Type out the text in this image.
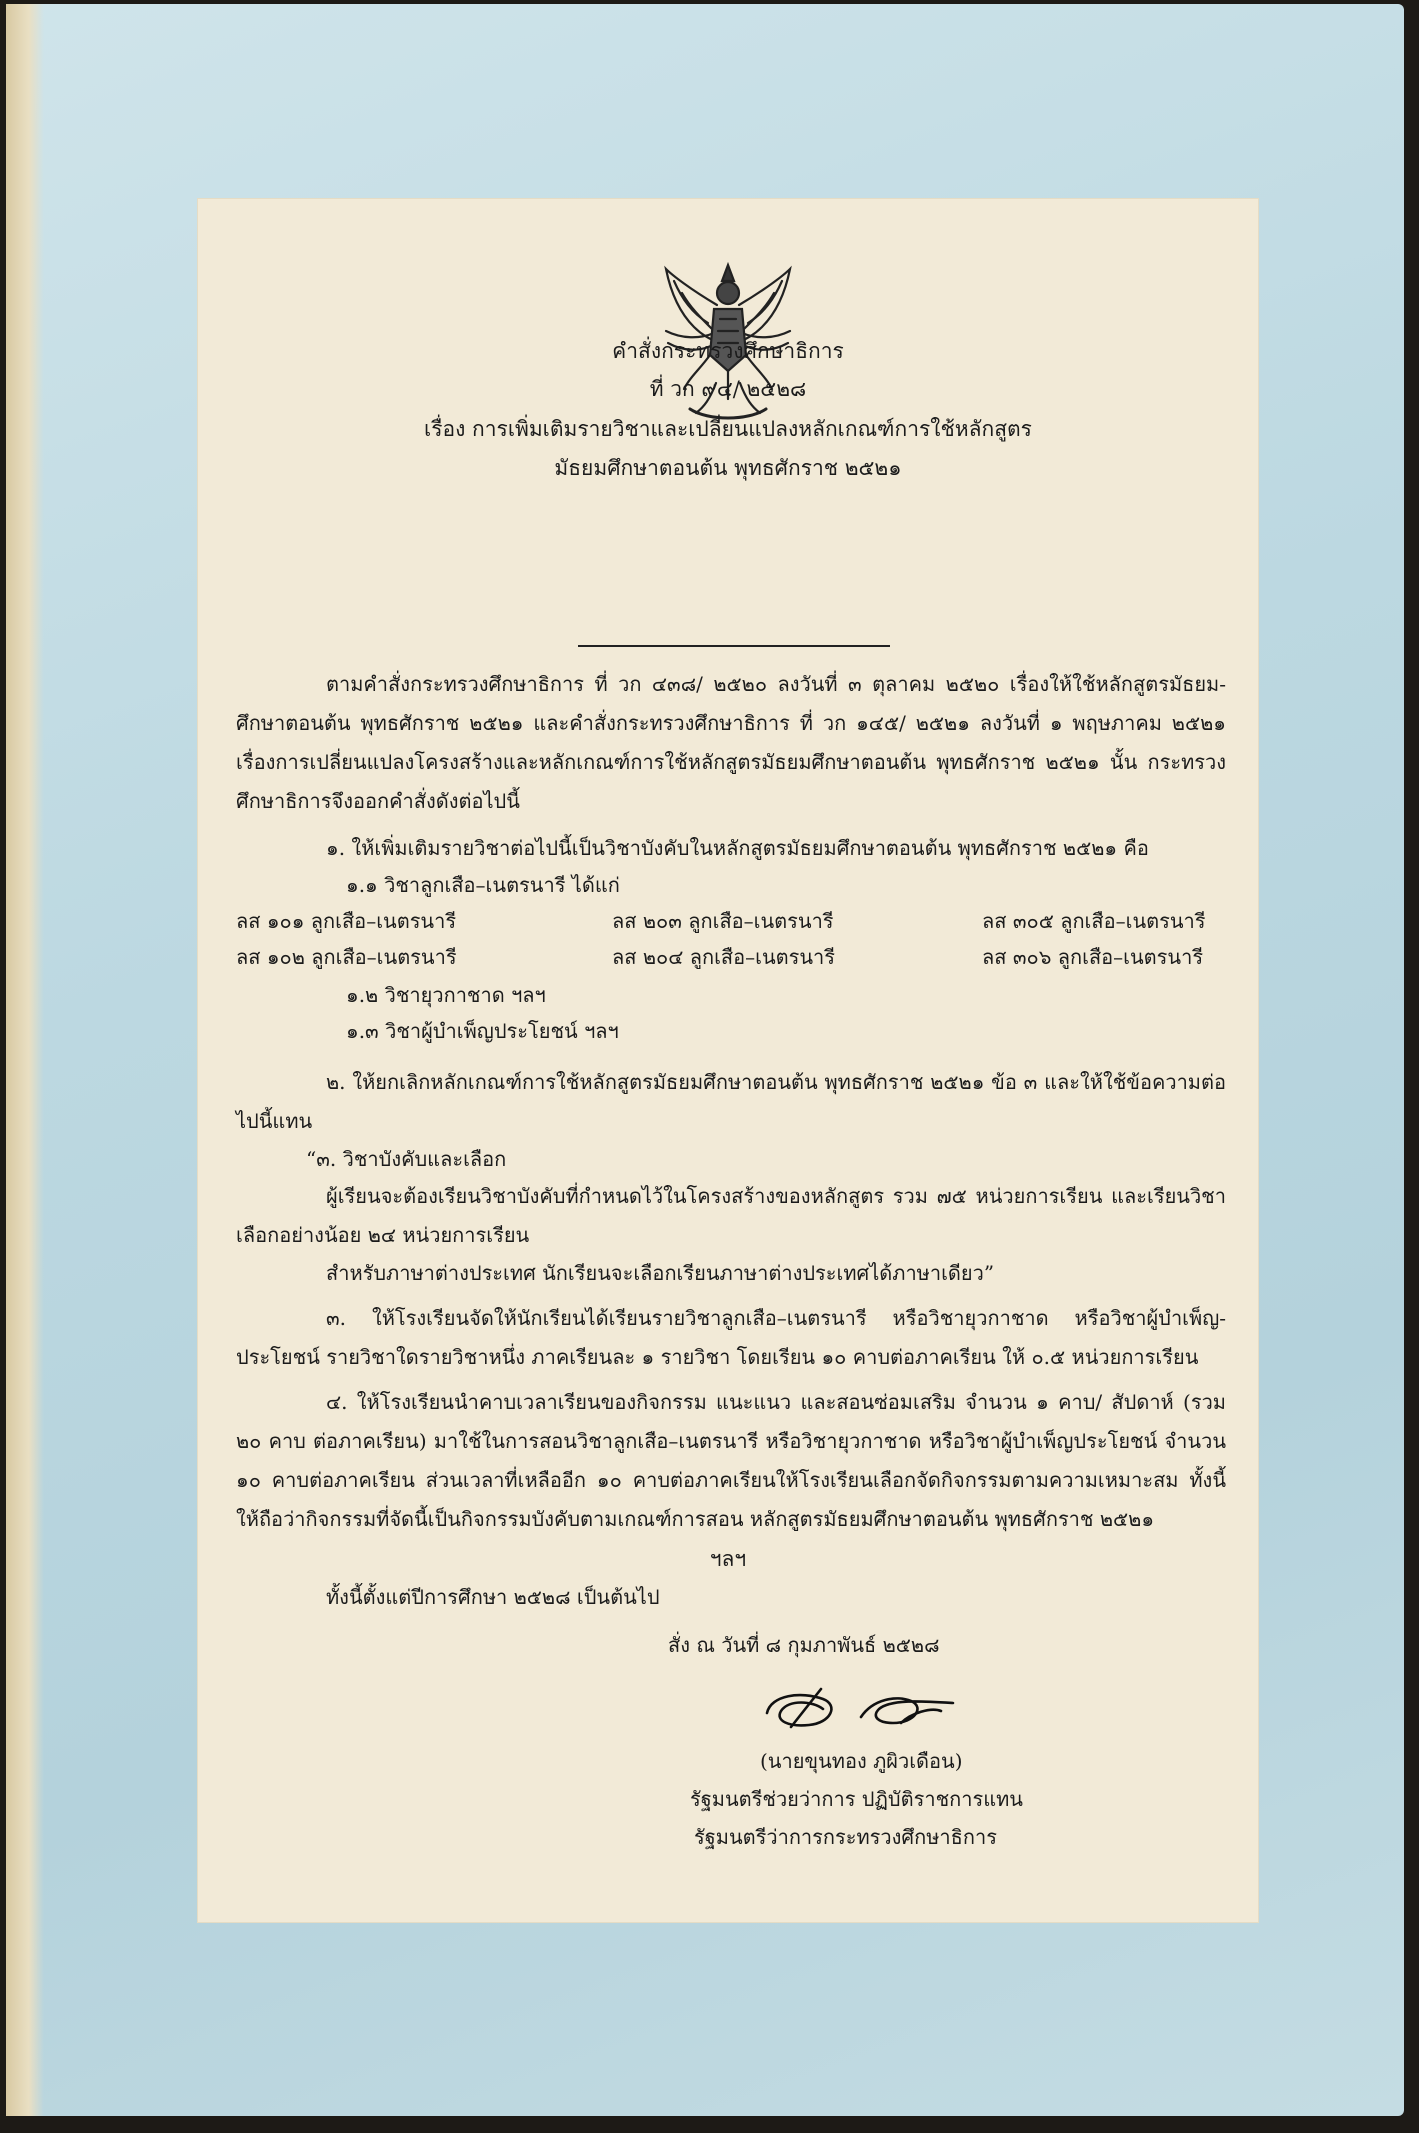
คำสั่งกระทรวงศึกษาธิการ
ที่ วก ๙๔/ ๒๕๒๘
เรื่อง การเพิ่มเติมรายวิชาและเปลี่ยนแปลงหลักเกณฑ์การใช้หลักสูตร
มัธยมศึกษาตอนต้น พุทธศักราช ๒๕๒๑
ตามคำสั่งกระทรวงศึกษาธิการ ที่ วก ๔๓๘/ ๒๕๒๐ ลงวันที่ ๓ ตุลาคม ๒๕๒๐ เรื่องให้ใช้หลักสูตรมัธยม-ศึกษาตอนต้น พุทธศักราช ๒๕๒๑ และคำสั่งกระทรวงศึกษาธิการ ที่ วก ๑๔๕/ ๒๕๒๑ ลงวันที่ ๑ พฤษภาคม ๒๕๒๑ เรื่องการเปลี่ยนแปลงโครงสร้างและหลักเกณฑ์การใช้หลักสูตรมัธยมศึกษาตอนต้น พุทธศักราช ๒๕๒๑ นั้น กระทรวงศึกษาธิการจึงออกคำสั่งดังต่อไปนี้
๑. ให้เพิ่มเติมรายวิชาต่อไปนี้เป็นวิชาบังคับในหลักสูตรมัธยมศึกษาตอนต้น พุทธศักราช ๒๕๒๑ คือ
๑.๑ วิชาลูกเสือ–เนตรนารี ได้แก่
ลส ๑๐๑ ลูกเสือ–เนตรนารี	ลส ๒๐๓ ลูกเสือ–เนตรนารี	ลส ๓๐๕ ลูกเสือ–เนตรนารี
ลส ๑๐๒ ลูกเสือ–เนตรนารี	ลส ๒๐๔ ลูกเสือ–เนตรนารี	ลส ๓๐๖ ลูกเสือ–เนตรนารี
๑.๒ วิชายุวกาชาด ฯลฯ
๑.๓ วิชาผู้บำเพ็ญประโยชน์ ฯลฯ
๒. ให้ยกเลิกหลักเกณฑ์การใช้หลักสูตรมัธยมศึกษาตอนต้น พุทธศักราช ๒๕๒๑ ข้อ ๓ และให้ใช้ข้อความต่อไปนี้แทน
“๓. วิชาบังคับและเลือก
ผู้เรียนจะต้องเรียนวิชาบังคับที่กำหนดไว้ในโครงสร้างของหลักสูตร รวม ๗๕ หน่วยการเรียน และเรียนวิชาเลือกอย่างน้อย ๒๔ หน่วยการเรียน
สำหรับภาษาต่างประเทศ นักเรียนจะเลือกเรียนภาษาต่างประเทศได้ภาษาเดียว”
๓. ให้โรงเรียนจัดให้นักเรียนได้เรียนรายวิชาลูกเสือ–เนตรนารี หรือวิชายุวกาชาด หรือวิชาผู้บำเพ็ญ-ประโยชน์ รายวิชาใดรายวิชาหนึ่ง ภาคเรียนละ ๑ รายวิชา โดยเรียน ๑๐ คาบต่อภาคเรียน ให้ ๐.๕ หน่วยการเรียน
๔. ให้โรงเรียนนำคาบเวลาเรียนของกิจกรรม แนะแนว และสอนซ่อมเสริม จำนวน ๑ คาบ/ สัปดาห์ (รวม ๒๐ คาบ ต่อภาคเรียน) มาใช้ในการสอนวิชาลูกเสือ–เนตรนารี หรือวิชายุวกาชาด หรือวิชาผู้บำเพ็ญประโยชน์ จำนวน ๑๐ คาบต่อภาคเรียน ส่วนเวลาที่เหลืออีก ๑๐ คาบต่อภาคเรียนให้โรงเรียนเลือกจัดกิจกรรมตามความเหมาะสม ทั้งนี้ ให้ถือว่ากิจกรรมที่จัดนี้เป็นกิจกรรมบังคับตามเกณฑ์การสอน หลักสูตรมัธยมศึกษาตอนต้น พุทธศักราช ๒๕๒๑
ฯลฯ
ทั้งนี้ตั้งแต่ปีการศึกษา ๒๕๒๘ เป็นต้นไป
สั่ง ณ วันที่ ๘ กุมภาพันธ์ ๒๕๒๘
(นายขุนทอง ภูผิวเดือน)
รัฐมนตรีช่วยว่าการ ปฏิบัติราชการแทน
รัฐมนตรีว่าการกระทรวงศึกษาธิการ
